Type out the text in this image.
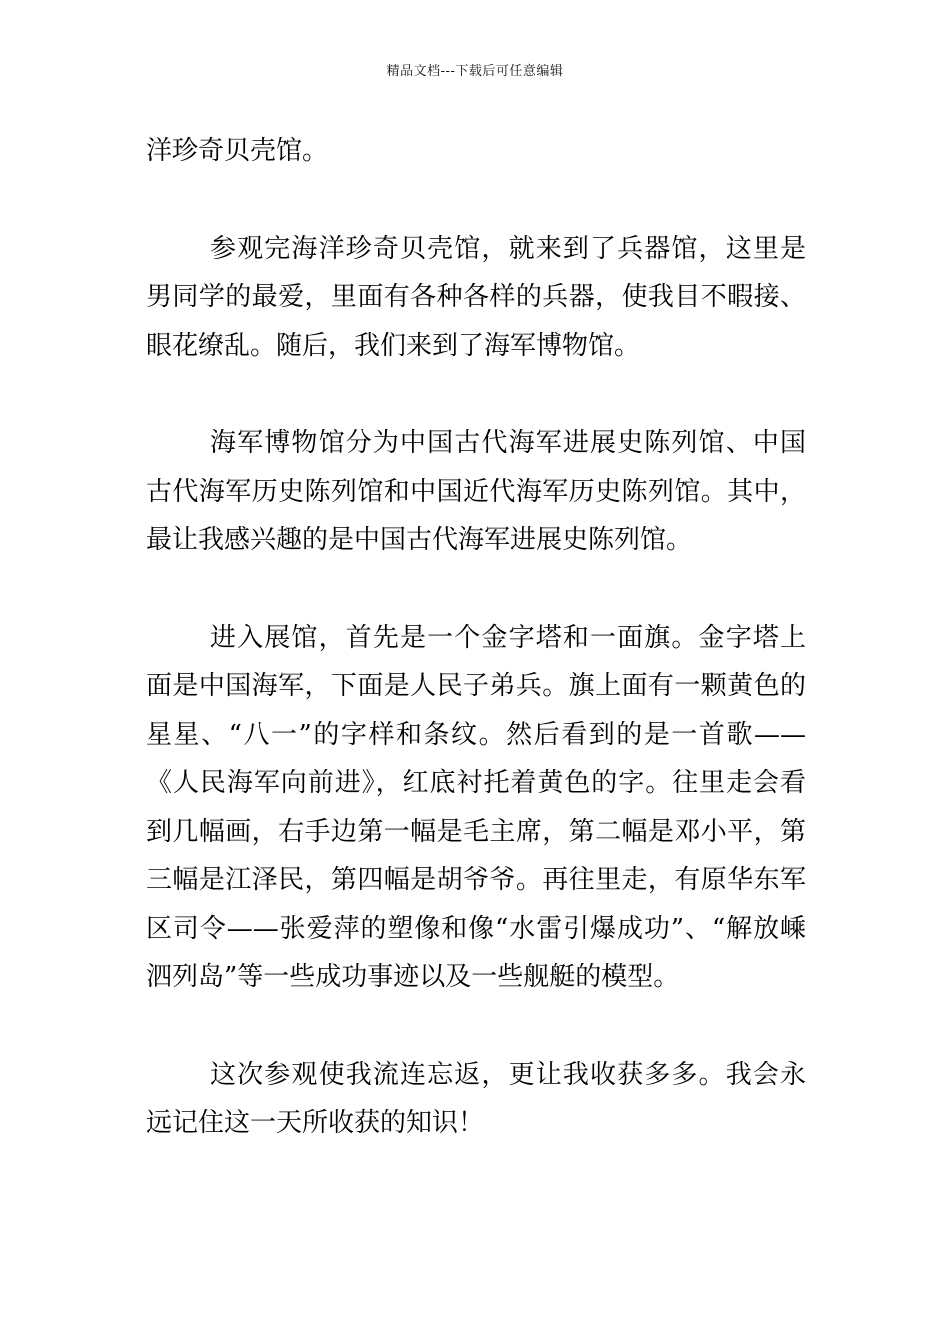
精品文档---下载后可任意编辑

洋珍奇贝壳馆。

参观完海洋珍奇贝壳馆，就来到了兵器馆，这里是男同学的最爱，里面有各种各样的兵器，使我目不暇接、眼花缭乱。随后，我们来到了海军博物馆。

海军博物馆分为中国古代海军进展史陈列馆、中国古代海军历史陈列馆和中国近代海军历史陈列馆。其中，最让我感兴趣的是中国古代海军进展史陈列馆。

进入展馆，首先是一个金字塔和一面旗。金字塔上面是中国海军，下面是人民子弟兵。旗上面有一颗黄色的星星、“八一”的字样和条纹。然后看到的是一首歌——《人民海军向前进》，红底衬托着黄色的字。往里走会看到几幅画，右手边第一幅是毛主席，第二幅是邓小平，第三幅是江泽民，第四幅是胡爷爷。再往里走，有原华东军区司令——张爱萍的塑像和像“水雷引爆成功”、“解放嵊泗列岛”等一些成功事迹以及一些舰艇的模型。

这次参观使我流连忘返，更让我收获多多。我会永远记住这一天所收获的知识！
